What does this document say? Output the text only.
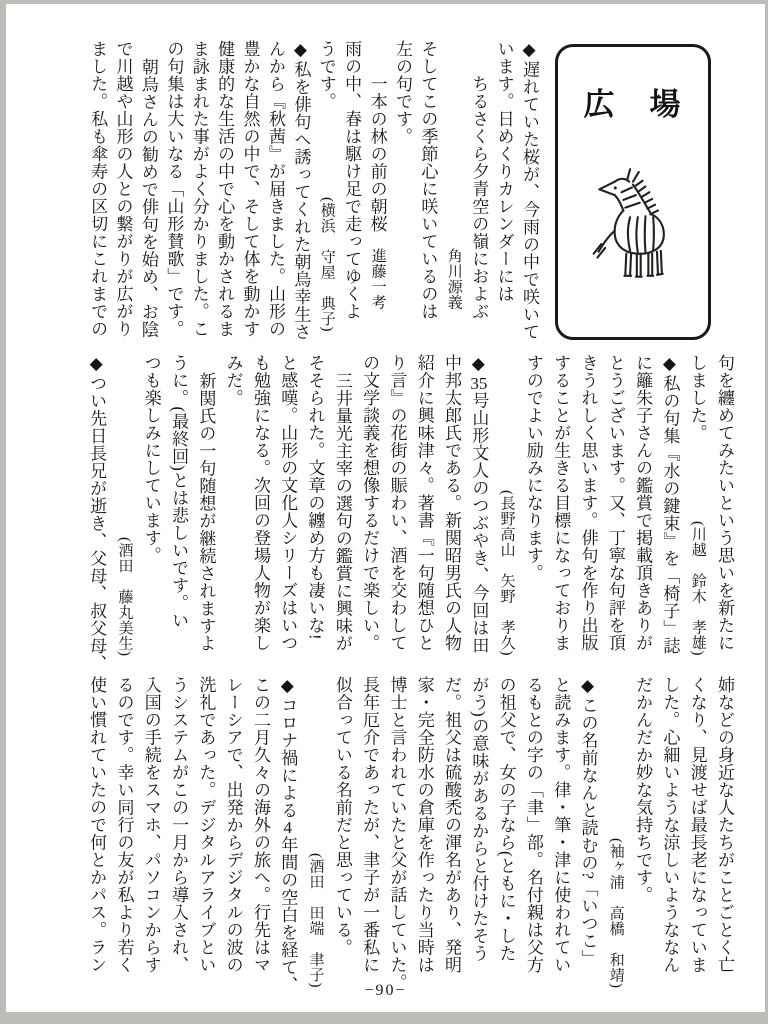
広　場
◆遅れていた桜が、今雨の中で咲いて
います。日めくりカレンダーには
ちるさくら夕青空の嶺におよぶ
角川源義
そしてこの季節心に咲いているのは
左の句です。
一本の林の前の朝桜
進藤一考
雨の中、春は駆け足で走ってゆくよ
うです。
(横浜　守屋　典子)
◆私を俳句へ誘ってくれた朝烏幸生さ
んから『秋茜』が届きました。山形の
豊かな自然の中で、そして体を動かす
健康的な生活の中で心を動かされるま
ま詠まれた事がよく分かりました。こ
の句集は大いなる「山形賛歌」です。
朝烏さんの勧めで俳句を始め、お陰
で川越や山形の人との繋がりが広がり
ました。私も傘寿の区切にこれまでの
句を纏めてみたいという思いを新たに
しました。
(川越　鈴木　孝雄)
◆私の句集『水の鍵束』を「椅子」誌
に籬朱子さんの鑑賞で掲載頂きありが
とうございます。又、丁寧な句評を頂
きうれしく思います。俳句を作り出版
することが生きる目標になっておりま
すのでよい励みになります。
(長野高山　矢野　孝久)
◆35号山形文人のつぶやき、今回は田
中邦太郎氏である。新関昭男氏の人物
紹介に興味津々。著書『一句随想ひと
り言』の花街の賑わい、酒を交わして
の文学談義を想像するだけで楽しい。
三井量光主宰の選句の鑑賞に興味が
そそられた。文章の纏め方も凄いな!
と感嘆。山形の文化人シリーズはいつ
も勉強になる。次回の登場人物が楽し
みだ。
新関氏の一句随想が継続されますよ
うに。(最終回)とは悲しいです。い
つも楽しみにしています。
(酒田　藤丸美生)
◆つい先日長兄が逝き、父母、叔父母、
姉などの身近な人たちがことごとく亡
くなり、見渡せば最長老になっていま
した。心細いような涼しいようななん
だかんだか妙な気持ちです。
(袖ヶ浦　高橋　和靖)
◆この名前なんと読むの?「いつこ」
と読みます。律・筆・津に使われてい
るもとの字の「聿」部。名付親は父方
の祖父で、女の子なら(ともに・した
がう)の意味があるからと付けたそう
だ。祖父は硫酸禿の渾名があり、発明
家・完全防水の倉庫を作ったり当時は
博士と言われていたと父が話していた。
長年厄介であったが、聿子が一番私に
似合っている名前だと思っている。
(酒田　田端　聿子)
◆コロナ禍による4年間の空白を経て、
この二月久々の海外の旅へ。行先はマ
レーシアで、出発からデジタルの波の
洗礼であった。デジタルアライブとい
うシステムがこの一月から導入され、
入国の手続をスマホ、パソコンからす
るのです。幸い同行の友が私より若く
使い慣れていたので何とかパス。ラン
−90−
